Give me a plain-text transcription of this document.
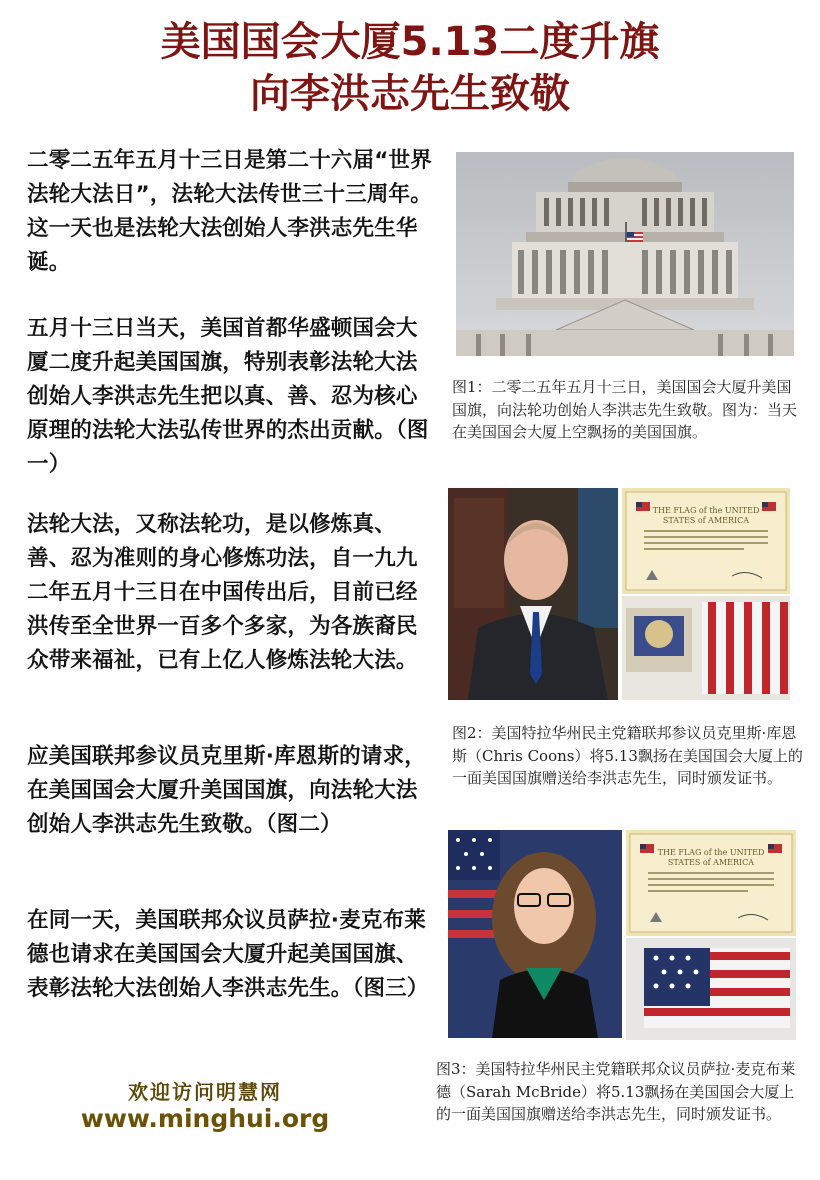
美国国会大厦5.13二度升旗
向李洪志先生致敬
二零二五年五月十三日是第二十六届“世界法轮大法日”，法轮大法传世三十三周年。这一天也是法轮大法创始人李洪志先生华诞。
五月十三日当天，美国首都华盛顿国会大厦二度升起美国国旗，特别表彰法轮大法创始人李洪志先生把以真、善、忍为核心原理的法轮大法弘传世界的杰出贡献。（图一）
法轮大法，又称法轮功，是以修炼真、善、忍为准则的身心修炼功法，自一九九二年五月十三日在中国传出后，目前已经洪传至全世界一百多个多家，为各族裔民众带来福祉，已有上亿人修炼法轮大法。
应美国联邦参议员克里斯·库恩斯的请求，在美国国会大厦升美国国旗，向法轮大法创始人李洪志先生致敬。（图二）
在同一天，美国联邦众议员萨拉·麦克布莱德也请求在美国国会大厦升起美国国旗、表彰法轮大法创始人李洪志先生。（图三）
图1：二零二五年五月十三日，美国国会大厦升美国国旗，向法轮功创始人李洪志先生致敬。图为：当天在美国国会大厦上空飘扬的美国国旗。
THE FLAG of the UNITED
STATES of AMERICA
图2：美国特拉华州民主党籍联邦参议员克里斯·库恩斯（Chris Coons）将5.13飘扬在美国国会大厦上的一面美国国旗赠送给李洪志先生，同时颁发证书。
THE FLAG of the UNITED
STATES of AMERICA
图3：美国特拉华州民主党籍联邦众议员萨拉·麦克布莱德（Sarah McBride）将5.13飘扬在美国国会大厦上的一面美国国旗赠送给李洪志先生，同时颁发证书。
欢迎访问明慧网
www.minghui.org
